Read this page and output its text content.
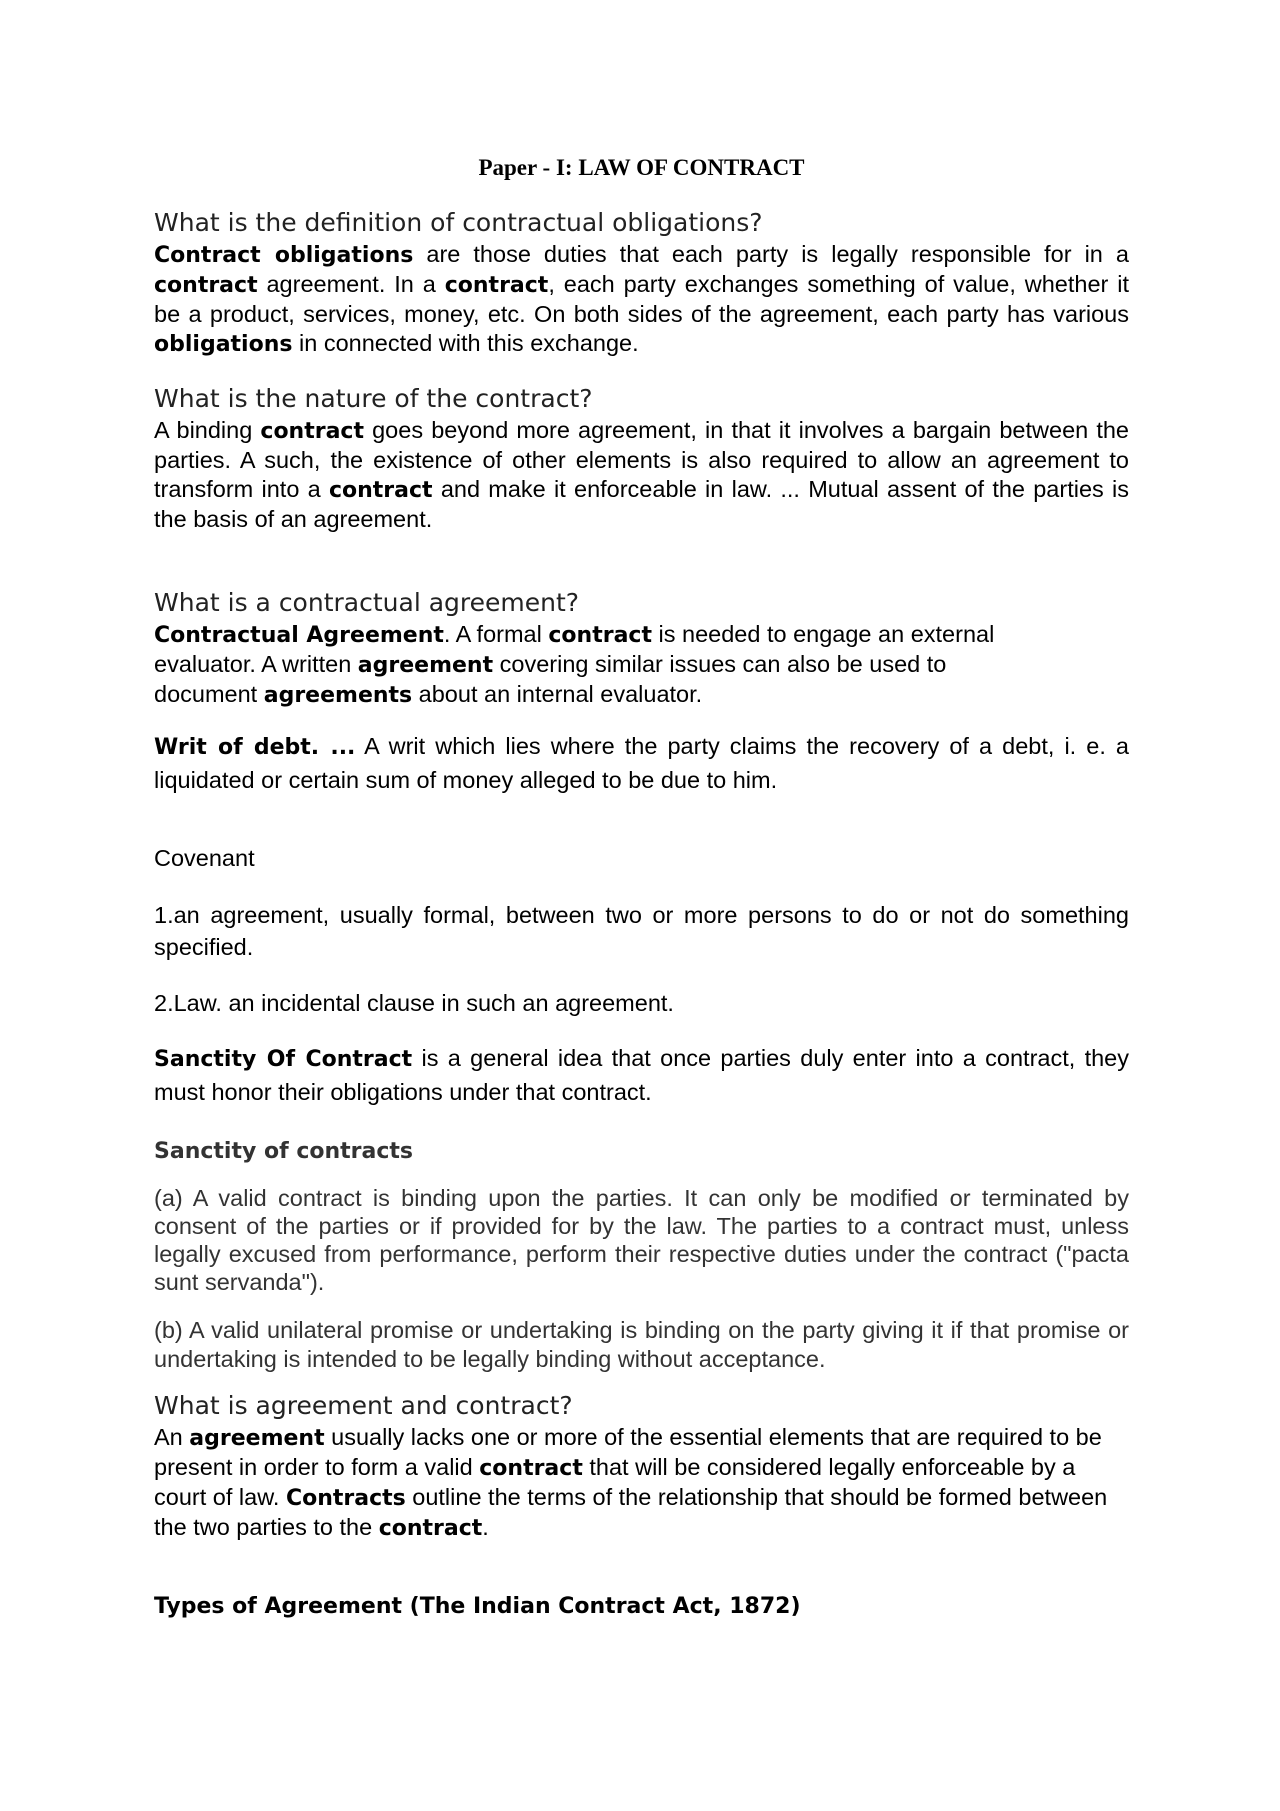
Paper - I: LAW OF CONTRACT
What is the definition of contractual obligations?

Contract obligations are those duties that each party is legally responsible for in a contract agreement. In a contract, each party exchanges something of value, whether it be a product, services, money, etc. On both sides of the agreement, each party has various obligations in connected with this exchange.

What is the nature of the contract?

A binding contract goes beyond more agreement, in that it involves a bargain between the parties. A such, the existence of other elements is also required to allow an agreement to transform into a contract and make it enforceable in law. ... Mutual assent of the parties is the basis of an agreement.

What is a contractual agreement?

Contractual Agreement. A formal contract is needed to engage an external evaluator. A written agreement covering similar issues can also be used to document agreements about an internal evaluator.

Writ of debt. ... A writ which lies where the party claims the recovery of a debt, i. e. a liquidated or certain sum of money alleged to be due to him.

Covenant

1.an agreement, usually formal, between two or more persons to do or not do something specified.

2.Law. an incidental clause in such an agreement.

Sanctity Of Contract is a general idea that once parties duly enter into a contract, they must honor their obligations under that contract.

Sanctity of contracts

(a) A valid contract is binding upon the parties. It can only be modified or terminated by consent of the parties or if provided for by the law. The parties to a contract must, unless legally excused from performance, perform their respective duties under the contract ("pacta sunt servanda").

(b) A valid unilateral promise or undertaking is binding on the party giving it if that promise or undertaking is intended to be legally binding without acceptance.

What is agreement and contract?

An agreement usually lacks one or more of the essential elements that are required to be present in order to form a valid contract that will be considered legally enforceable by a court of law. Contracts outline the terms of the relationship that should be formed between the two parties to the contract.

Types of Agreement (The Indian Contract Act, 1872)
